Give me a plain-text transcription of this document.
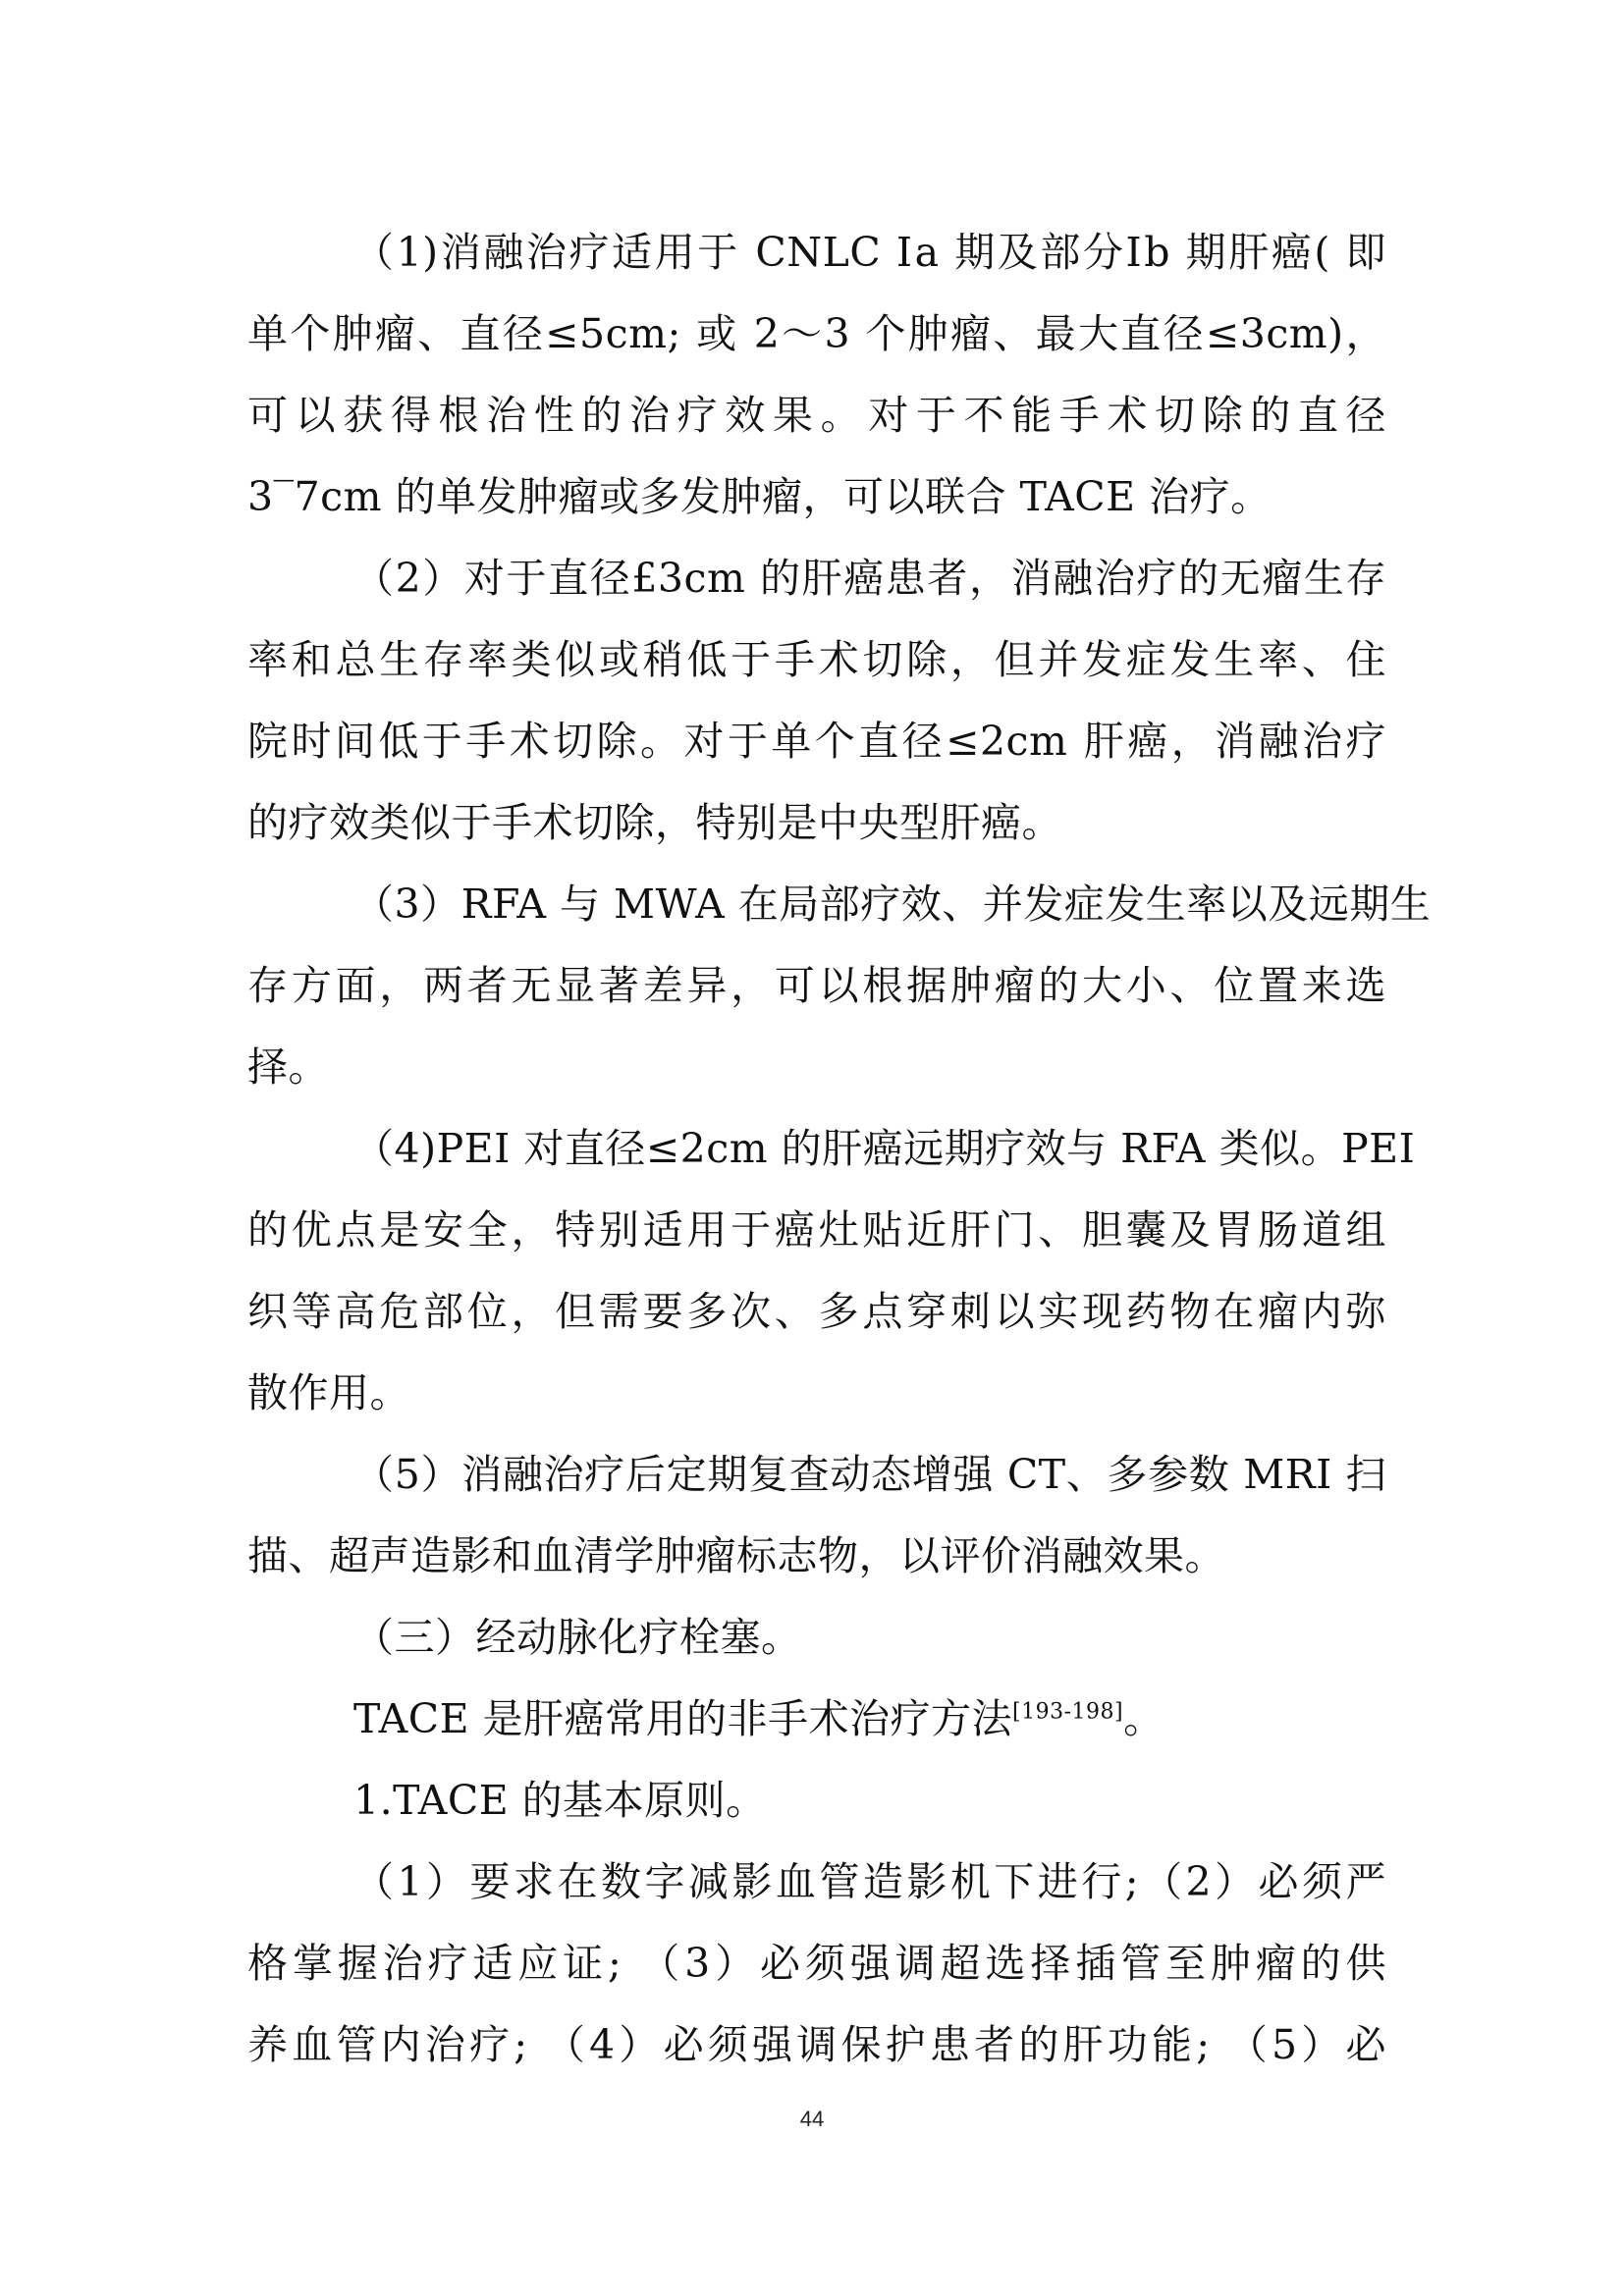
（1)消融治疗适用于 CNLC Ⅰa 期及部分Ⅰb 期肝癌( 即
单个肿瘤、直径≤5cm; 或 2～3 个肿瘤、最大直径≤3cm)，
可以获得根治性的治疗效果。对于不能手术切除的直径
3‾7cm 的单发肿瘤或多发肿瘤，可以联合 TACE 治疗。
（2）对于直径£3cm 的肝癌患者，消融治疗的无瘤生存
率和总生存率类似或稍低于手术切除，但并发症发生率、住
院时间低于手术切除。对于单个直径≤2cm 肝癌，消融治疗
的疗效类似于手术切除，特别是中央型肝癌。
（3）RFA 与 MWA 在局部疗效、并发症发生率以及远期生
存方面，两者无显著差异，可以根据肿瘤的大小、位置来选
择。
（4)PEI 对直径≤2cm 的肝癌远期疗效与 RFA 类似。PEI
的优点是安全，特别适用于癌灶贴近肝门、胆囊及胃肠道组
织等高危部位，但需要多次、多点穿刺以实现药物在瘤内弥
散作用。
（5）消融治疗后定期复查动态增强 CT、多参数 MRI 扫
描、超声造影和血清学肿瘤标志物，以评价消融效果。
（三）经动脉化疗栓塞。
TACE 是肝癌常用的非手术治疗方法[193-198]。
1.TACE 的基本原则。
（1）要求在数字减影血管造影机下进行;（2）必须严
格掌握治疗适应证; （3）必须强调超选择插管至肿瘤的供
养血管内治疗; （4）必须强调保护患者的肝功能; （5）必
44
